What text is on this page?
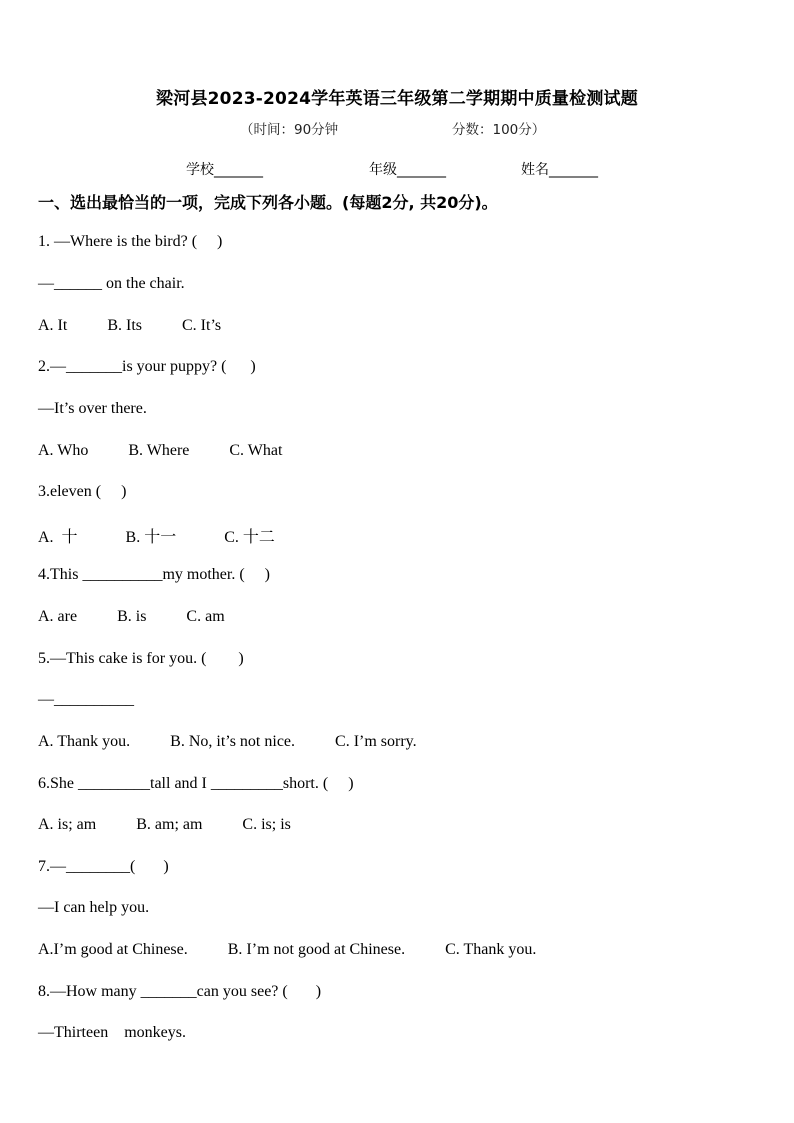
梁河县2023-2024学年英语三年级第二学期期中质量检测试题
（时间：90分钟	分数：100分）
学校_______	年级_______	姓名_______
一、选出最恰当的一项，完成下列各小题。(每题2分, 共20分)。
1. —Where is the bird? (     )
—______ on the chair.
A. It          B. Its          C. It’s
2.—_______is your puppy? (      )
—It’s over there.
A. Who          B. Where          C. What
3.eleven (     )
A.  十            B. 十一            C. 十二
4.This __________my mother. (     )
A. are          B. is          C. am
5.—This cake is for you. (        )
—__________
A. Thank you.          B. No, it’s not nice.          C. I’m sorry.
6.She _________tall and I _________short. (     )
A. is; am          B. am; am          C. is; is
7.—________(       )
—I can help you.
A.I’m good at Chinese.          B. I’m not good at Chinese.          C. Thank you.
8.—How many _______can you see? (       )
—Thirteen    monkeys.
